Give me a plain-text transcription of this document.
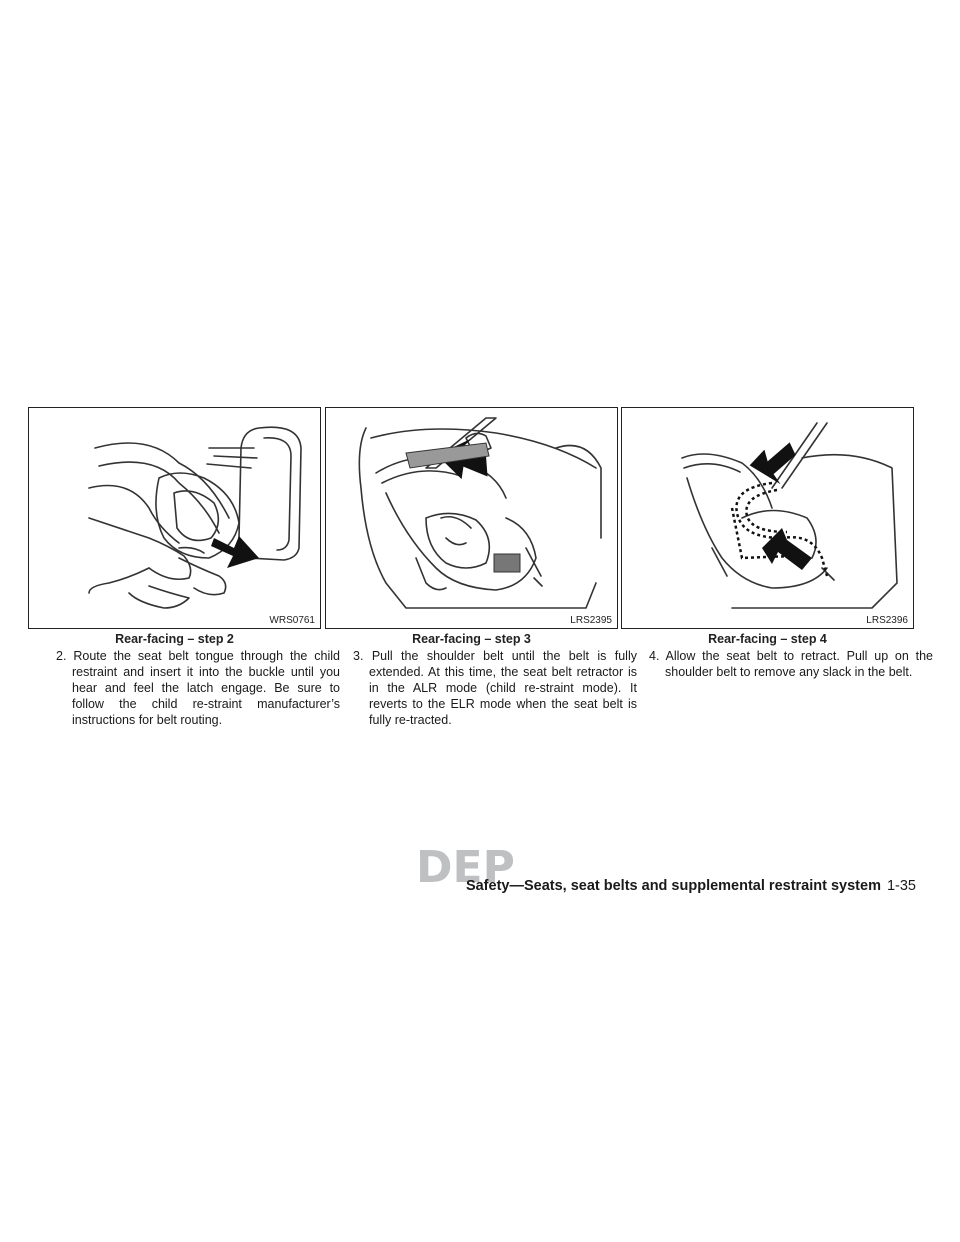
WRS0761
Rear-facing – step 2
2. Route the seat belt tongue through the child restraint and insert it into the buckle until you hear and feel the latch engage. Be sure to follow the child re-straint manufacturer’s instructions for belt routing.
LRS2395
Rear-facing – step 3
3. Pull the shoulder belt until the belt is fully extended. At this time, the seat belt retractor is in the ALR mode (child re-straint mode). It reverts to the ELR mode when the seat belt is fully re-tracted.
LRS2396
Rear-facing – step 4
4. Allow the seat belt to retract. Pull up on the shoulder belt to remove any slack in the belt.
DEP
Safety—Seats, seat belts and supplemental restraint system 1-35
